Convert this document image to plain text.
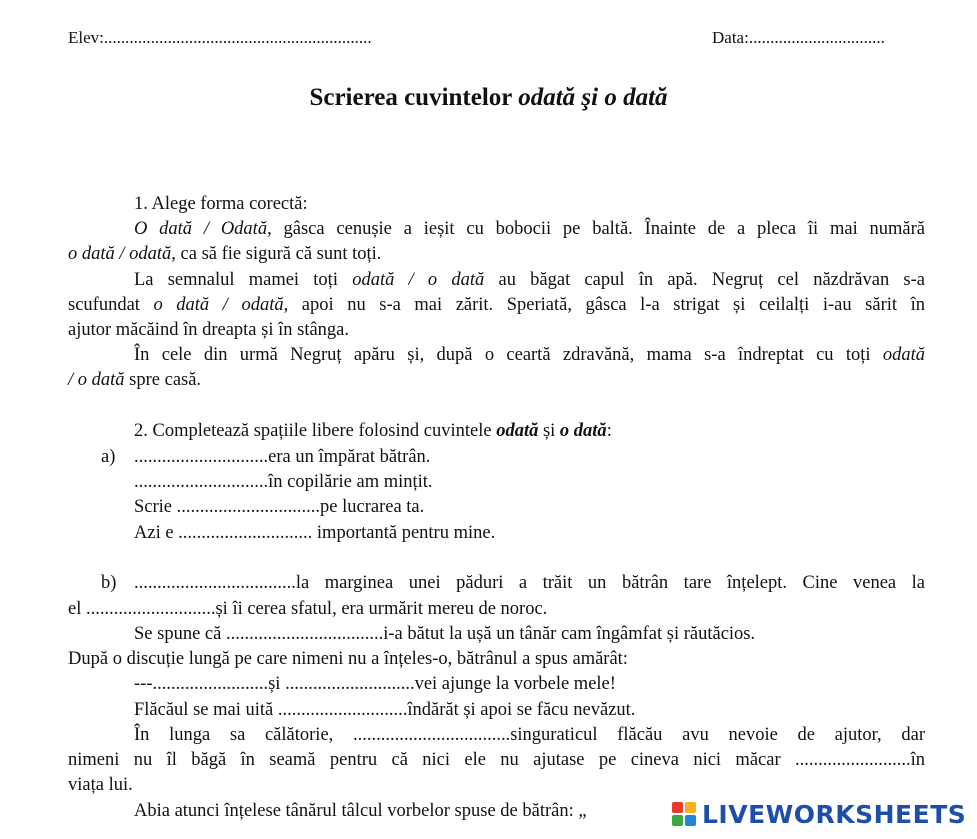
Elev:...............................................................	Data:................................
Scrierea cuvintelor odată şi o dată
1. Alege forma corectă:
O dată / Odată, gâsca cenușie a ieșit cu bobocii pe baltă. Înainte de a pleca îi mai numără
o dată / odată, ca să fie sigură că sunt toți.
La semnalul mamei toți odată / o dată au băgat capul în apă. Negruț cel năzdrăvan s-a
scufundat o dată / odată, apoi nu s-a mai zărit. Speriată, gâsca l-a strigat și ceilalți i-au sărit în
ajutor măcăind în dreapta și în stânga.
În cele din urmă Negruț apăru și, după o ceartă zdravănă, mama s-a îndreptat cu toți odată
/ o dată spre casă.
2. Completează spațiile libere folosind cuvintele odată și o dată:
a) .............................era un împărat bătrân.
.............................în copilărie am mințit.
Scrie ...............................pe lucrarea ta.
Azi e ............................. importantă pentru mine.
b) ...................................la marginea unei păduri a trăit un bătrân tare înțelept. Cine venea la
el ............................și îi cerea sfatul, era urmărit mereu de noroc.
Se spune că ..................................i-a bătut la ușă un tânăr cam îngâmfat și răutăcios.
După o discuție lungă pe care nimeni nu a înțeles-o, bătrânul a spus amărât:
---.........................și ............................vei ajunge la vorbele mele!
Flăcăul se mai uită ............................îndărăt și apoi se făcu nevăzut.
În lunga sa călătorie, ..................................singuraticul flăcău avu nevoie de ajutor, dar
nimeni nu îl băgă în seamă pentru că nici ele nu ajutase pe cineva nici măcar .........................în
viața lui.
Abia atunci înțelese tânărul tâlcul vorbelor spuse de bătrân: „	LIVEWORKSHEETS
